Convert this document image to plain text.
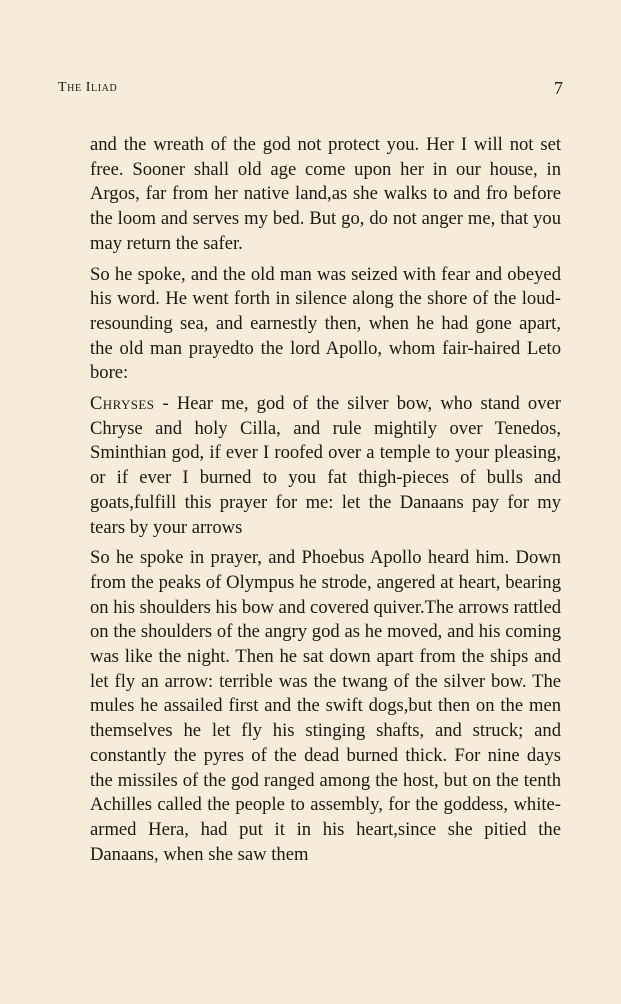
The Iliad	7

and the wreath of the god not protect you. Her I will not set free. Sooner shall old age come upon her in our house, in Argos, far from her native land,as she walks to and fro before the loom and serves my bed. But go, do not anger me, that you may return the safer.

So he spoke, and the old man was seized with fear and obeyed his word. He went forth in silence along the shore of the loud-resounding sea, and earnestly then, when he had gone apart, the old man prayedto the lord Apollo, whom fair-haired Leto bore:

Chryses - Hear me, god of the silver bow, who stand over Chryse and holy Cilla, and rule mightily over Tenedos, Sminthian god, if ever I roofed over a temple to your pleasing, or if ever I burned to you fat thigh-pieces of bulls and goats,fulfill this prayer for me: let the Danaans pay for my tears by your arrows

So he spoke in prayer, and Phoebus Apollo heard him. Down from the peaks of Olympus he strode, angered at heart, bearing on his shoulders his bow and covered quiver.The arrows rattled on the shoulders of the angry god as he moved, and his coming was like the night. Then he sat down apart from the ships and let fly an arrow: terrible was the twang of the silver bow. The mules he assailed first and the swift dogs,but then on the men themselves he let fly his stinging shafts, and struck; and constantly the pyres of the dead burned thick. For nine days the missiles of the god ranged among the host, but on the tenth Achilles called the people to assembly, for the goddess, white-armed Hera, had put it in his heart,since she pitied the Danaans, when she saw them
